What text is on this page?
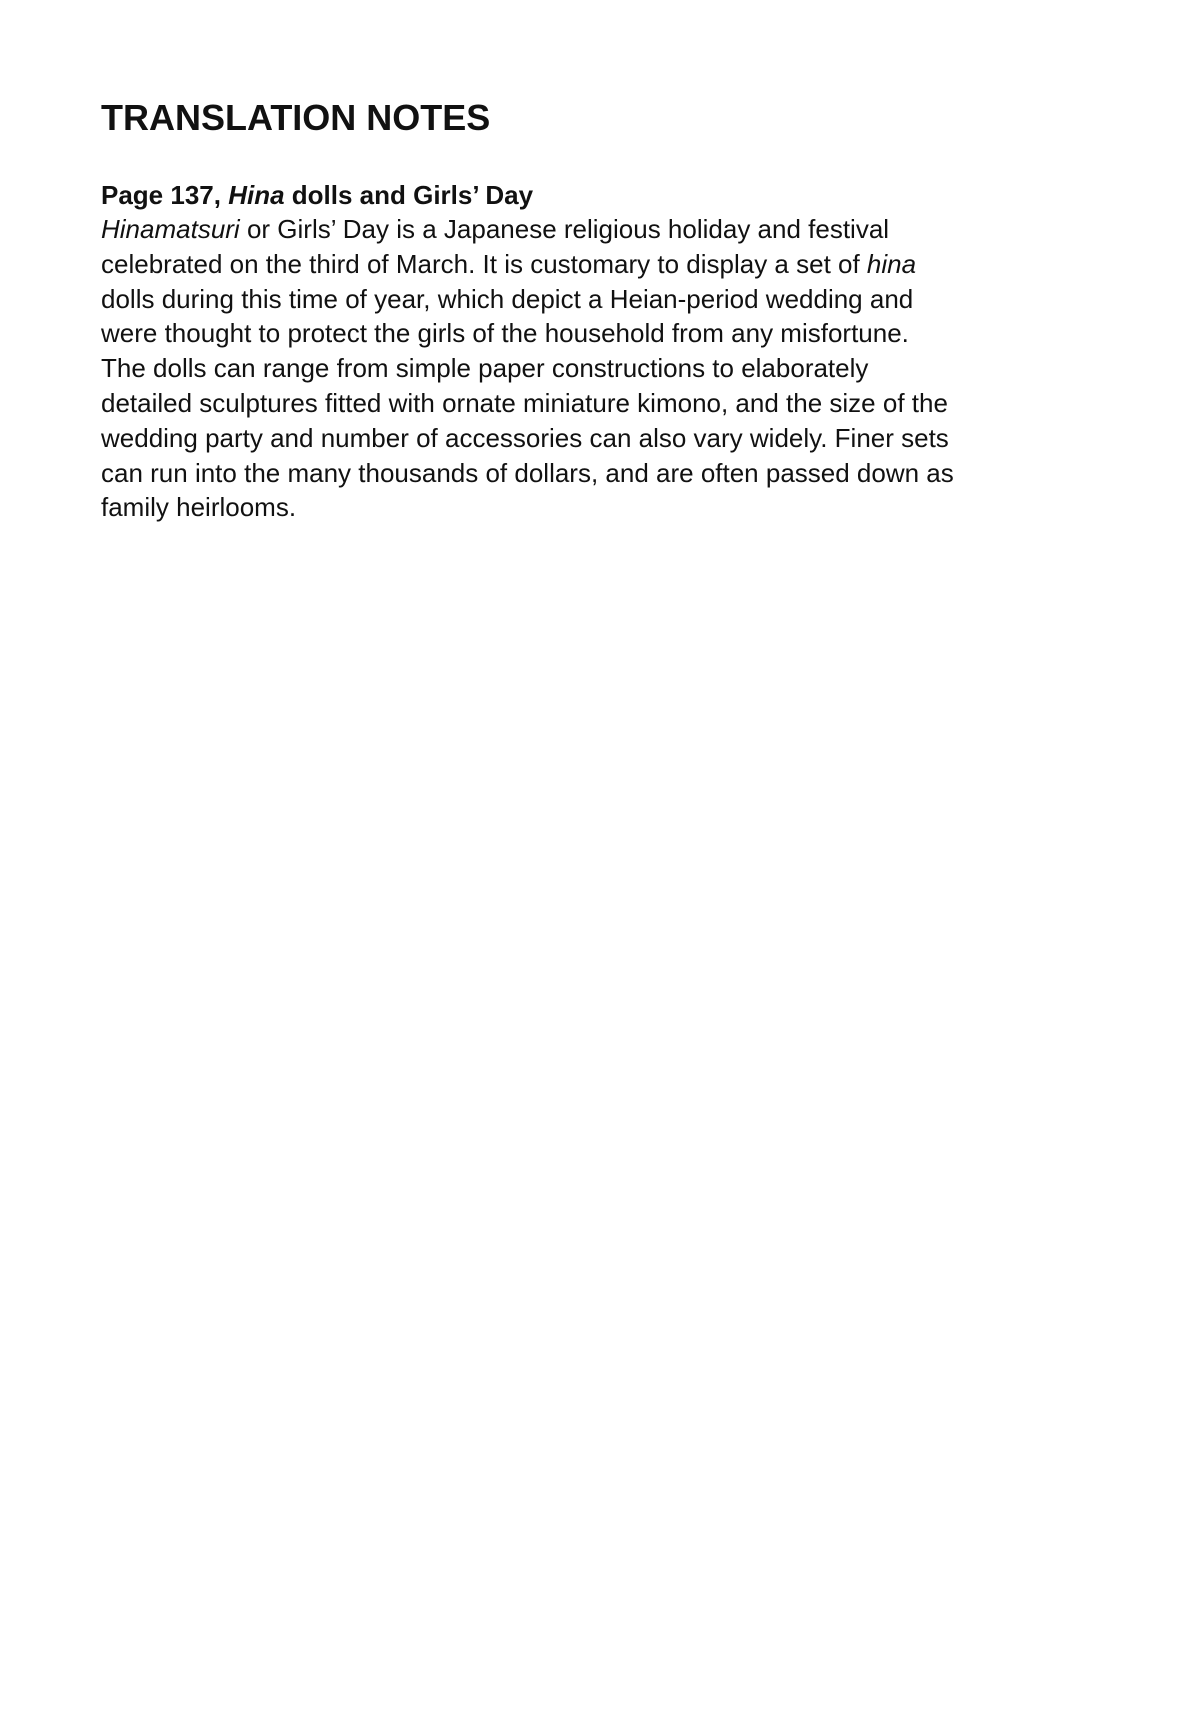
TRANSLATION NOTES

Page 137, Hina dolls and Girls’ Day

Hinamatsuri or Girls’ Day is a Japanese religious holiday and festival
celebrated on the third of March. It is customary to display a set of hina
dolls during this time of year, which depict a Heian-period wedding and
were thought to protect the girls of the household from any misfortune.
The dolls can range from simple paper constructions to elaborately
detailed sculptures fitted with ornate miniature kimono, and the size of the
wedding party and number of accessories can also vary widely. Finer sets
can run into the many thousands of dollars, and are often passed down as
family heirlooms.
